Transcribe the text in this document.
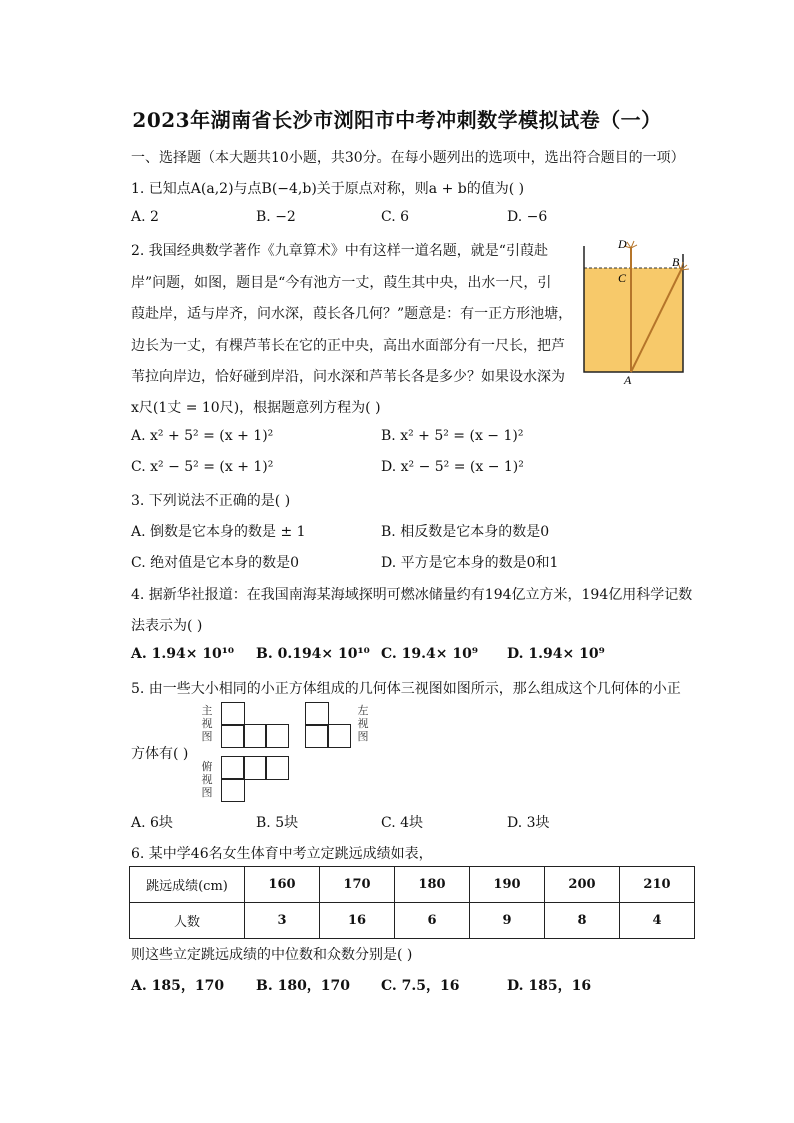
2023年湖南省长沙市浏阳市中考冲刺数学模拟试卷（一）
一、选择题（本大题共10小题，共30分。在每小题列出的选项中，选出符合题目的一项）
1. 已知点A(a,2)与点B(−4,b)关于原点对称，则a + b的值为( )
A. 2	B. −2	C. 6	D. −6
2. 我国经典数学著作《九章算术》中有这样一道名题，就是“引葭赴
岸”问题，如图，题目是“今有池方一丈，葭生其中央，出水一尺，引
葭赴岸，适与岸齐，问水深，葭长各几何？”题意是：有一正方形池塘，
边长为一丈，有棵芦苇长在它的正中央，高出水面部分有一尺长，把芦
苇拉向岸边，恰好碰到岸沿，问水深和芦苇长各是多少？如果设水深为
x尺(1丈 = 10尺)，根据题意列方程为( )
D
C
B
A
A. x² + 5² = (x + 1)²	B. x² + 5² = (x − 1)²
C. x² − 5² = (x + 1)²	D. x² − 5² = (x − 1)²
3. 下列说法不正确的是( )
A. 倒数是它本身的数是 ± 1	B. 相反数是它本身的数是0
C. 绝对值是它本身的数是0	D. 平方是它本身的数是0和1
4. 据新华社报道：在我国南海某海域探明可燃冰储量约有194亿立方米，194亿用科学记数
法表示为( )
A. 1.94× 10¹⁰ B. 0.194× 10¹⁰ C. 19.4× 10⁹ D. 1.94× 10⁹
5. 由一些大小相同的小正方体组成的几何体三视图如图所示，那么组成这个几何体的小正
主
视
图
左
视
图
俯
视
图
方体有( )
A. 6块	B. 5块	C. 4块	D. 3块
6. 某中学46名女生体育中考立定跳远成绩如表，
跳远成绩(cm)	160	170	180	190	200	210
人数	3	16	6	9	8	4
则这些立定跳远成绩的中位数和众数分别是( )
A. 185，170 B. 180，170 C. 7.5，16	D. 185，16
